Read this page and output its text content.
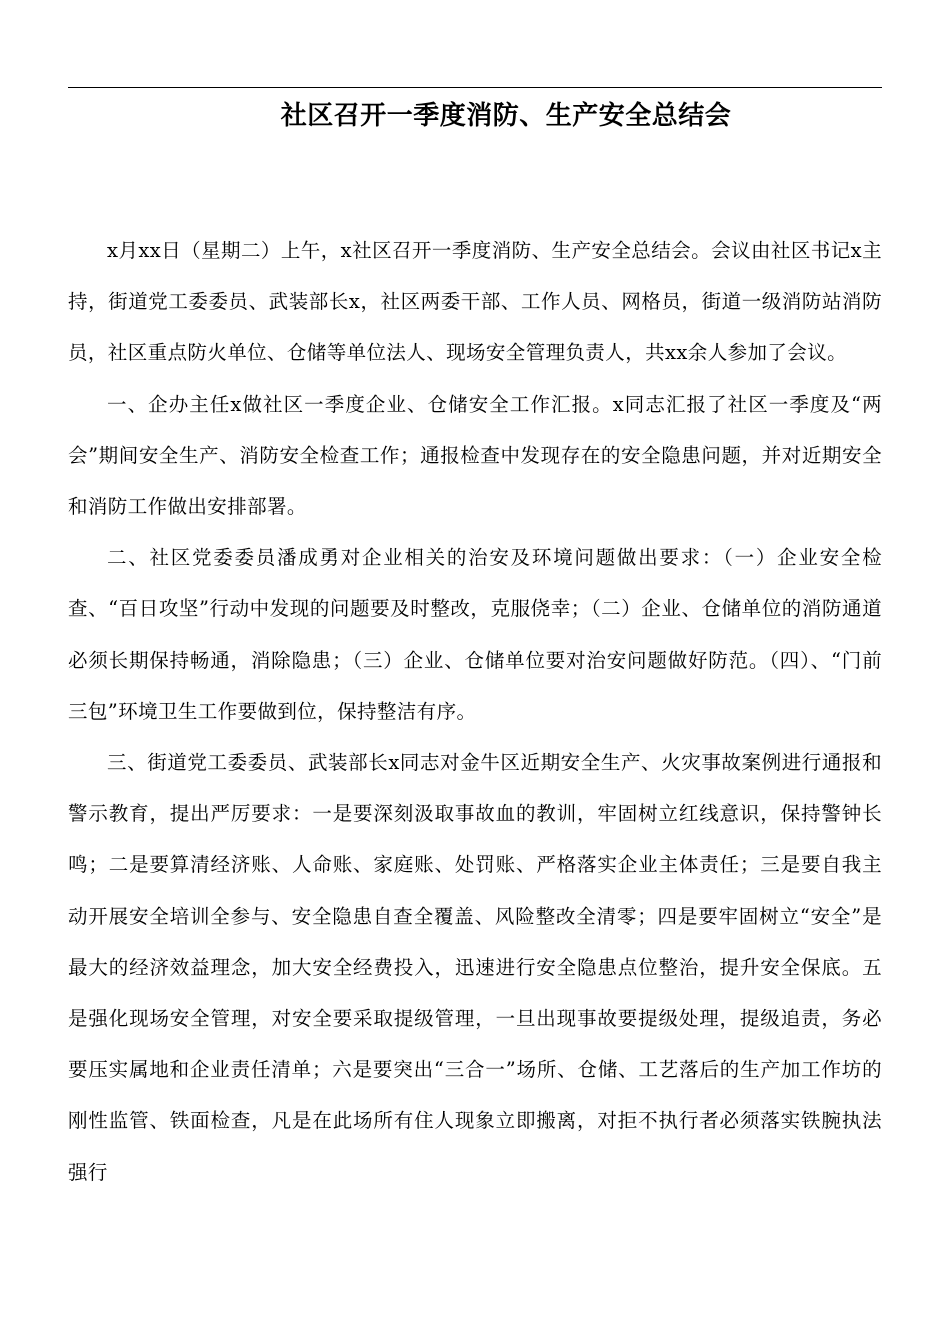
社区召开一季度消防、生产安全总结会

x月xx日（星期二）上午，x社区召开一季度消防、生产安全总结会。会议由社区书记x主持，街道党工委委员、武装部长x，社区两委干部、工作人员、网格员，街道一级消防站消防员，社区重点防火单位、仓储等单位法人、现场安全管理负责人，共xx余人参加了会议。

一、企办主任x做社区一季度企业、仓储安全工作汇报。x同志汇报了社区一季度及“两会”期间安全生产、消防安全检查工作；通报检查中发现存在的安全隐患问题，并对近期安全和消防工作做出安排部署。

二、社区党委委员潘成勇对企业相关的治安及环境问题做出要求：（一）企业安全检查、“百日攻坚”行动中发现的问题要及时整改，克服侥幸；（二）企业、仓储单位的消防通道必须长期保持畅通，消除隐患；（三）企业、仓储单位要对治安问题做好防范。（四）、“门前三包”环境卫生工作要做到位，保持整洁有序。

三、街道党工委委员、武装部长x同志对金牛区近期安全生产、火灾事故案例进行通报和警示教育，提出严厉要求：一是要深刻汲取事故血的教训，牢固树立红线意识，保持警钟长鸣；二是要算清经济账、人命账、家庭账、处罚账、严格落实企业主体责任；三是要自我主动开展安全培训全参与、安全隐患自查全覆盖、风险整改全清零；四是要牢固树立“安全”是最大的经济效益理念，加大安全经费投入，迅速进行安全隐患点位整治，提升安全保底。五是强化现场安全管理，对安全要采取提级管理，一旦出现事故要提级处理，提级追责，务必要压实属地和企业责任清单；六是要突出“三合一”场所、仓储、工艺落后的生产加工作坊的刚性监管、铁面检查，凡是在此场所有住人现象立即搬离，对拒不执行者必须落实铁腕执法强行
